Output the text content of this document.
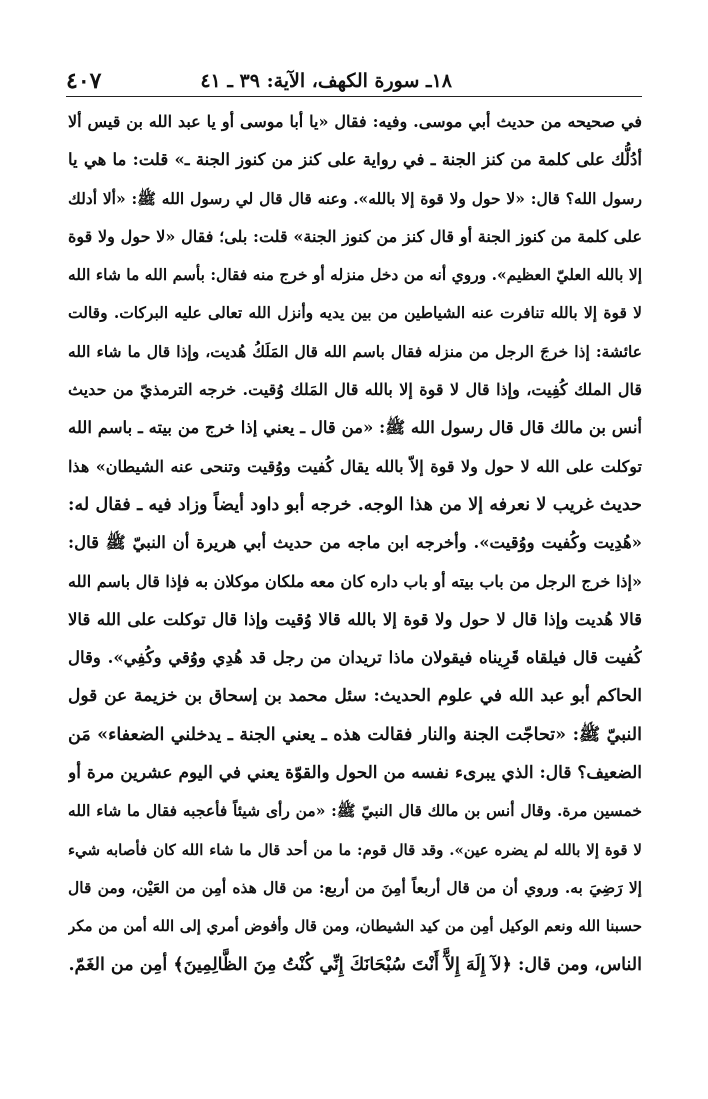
١٨ـ سورة الكهف، الآية: ٣٩ ـ ٤١
٤٠٧
في صحيحه من حديث أبي موسى. وفيه: فقال «يا أبا موسى أو يا عبد الله بن قيس ألا
أدُلُّك على كلمة من كنز الجنة ـ في رواية على كنز من كنوز الجنة ـ» قلت: ما هي يا
رسول الله؟ قال: «لا حول ولا قوة إلا بالله». وعنه قال قال لي رسول الله ﷺ: «ألا أدلك
على كلمة من كنوز الجنة أو قال كنز من كنوز الجنة» قلت: بلى؛ فقال «لا حول ولا قوة
إلا بالله العليّ العظيم». وروي أنه من دخل منزله أو خرج منه فقال: بأسم الله ما شاء الله
لا قوة إلا بالله تنافرت عنه الشياطين من بين يديه وأنزل الله تعالى عليه البركات. وقالت
عائشة: إذا خرجَ الرجل من منزله فقال باسم الله قال المَلَكُ هُديت، وإذا قال ما شاء الله
قال الملك كُفِيت، وإذا قال لا قوة إلا بالله قال المَلك وُقيت. خرجه الترمذيّ من حديث
أنس بن مالك قال قال رسول الله ﷺ: «من قال ـ يعني إذا خرج من بيته ـ باسم الله
توكلت على الله لا حول ولا قوة إلاّ بالله يقال كُفيت ووُقيت وتنحى عنه الشيطان» هذا
حديث غريب لا نعرفه إلا من هذا الوجه. خرجه أبو داود أيضاً وزاد فيه ـ فقال له:
«هُدِيت وكُفيت ووُقيت». وأخرجه ابن ماجه من حديث أبي هريرة أن النبيّ ﷺ قال:
«إذا خرج الرجل من باب بيته أو باب داره كان معه ملكان موكلان به فإذا قال باسم الله
قالا هُديت وإذا قال لا حول ولا قوة إلا بالله قالا وُقيت وإذا قال توكلت على الله قالا
كُفيت قال فيلقاه قَرِيناه فيقولان ماذا تريدان من رجل قد هُدِي ووُقي وكُفِي». وقال
الحاكم أبو عبد الله في علوم الحديث: سئل محمد بن إسحاق بن خزيمة عن قول
النبيّ ﷺ: «تحاجّت الجنة والنار فقالت هذه ـ يعني الجنة ـ يدخلني الضعفاء» مَن
الضعيف؟ قال: الذي يبرىء نفسه من الحول والقوّة يعني في اليوم عشرين مرة أو
خمسين مرة. وقال أنس بن مالك قال النبيّ ﷺ: «من رأى شيئاً فأعجبه فقال ما شاء الله
لا قوة إلا بالله لم يضره عين». وقد قال قوم: ما من أحد قال ما شاء الله كان فأصابه شيء
إلا رَضِيَ به. وروي أن من قال أربعاً أمِنَ من أربع: من قال هذه أمِن من العَيْن، ومن قال
حسبنا الله ونعم الوكيل أمِن من كيد الشيطان، ومن قال وأفوض أمري إلى الله أمن من مكر
الناس، ومن قال: ﴿لآ إِلَهَ إِلآَّ أَنْتَ سُبْحَانَكَ إِنِّي كُنْتُ مِنَ الظَّالِمِينَ﴾ أمِن من الغَمّ.
